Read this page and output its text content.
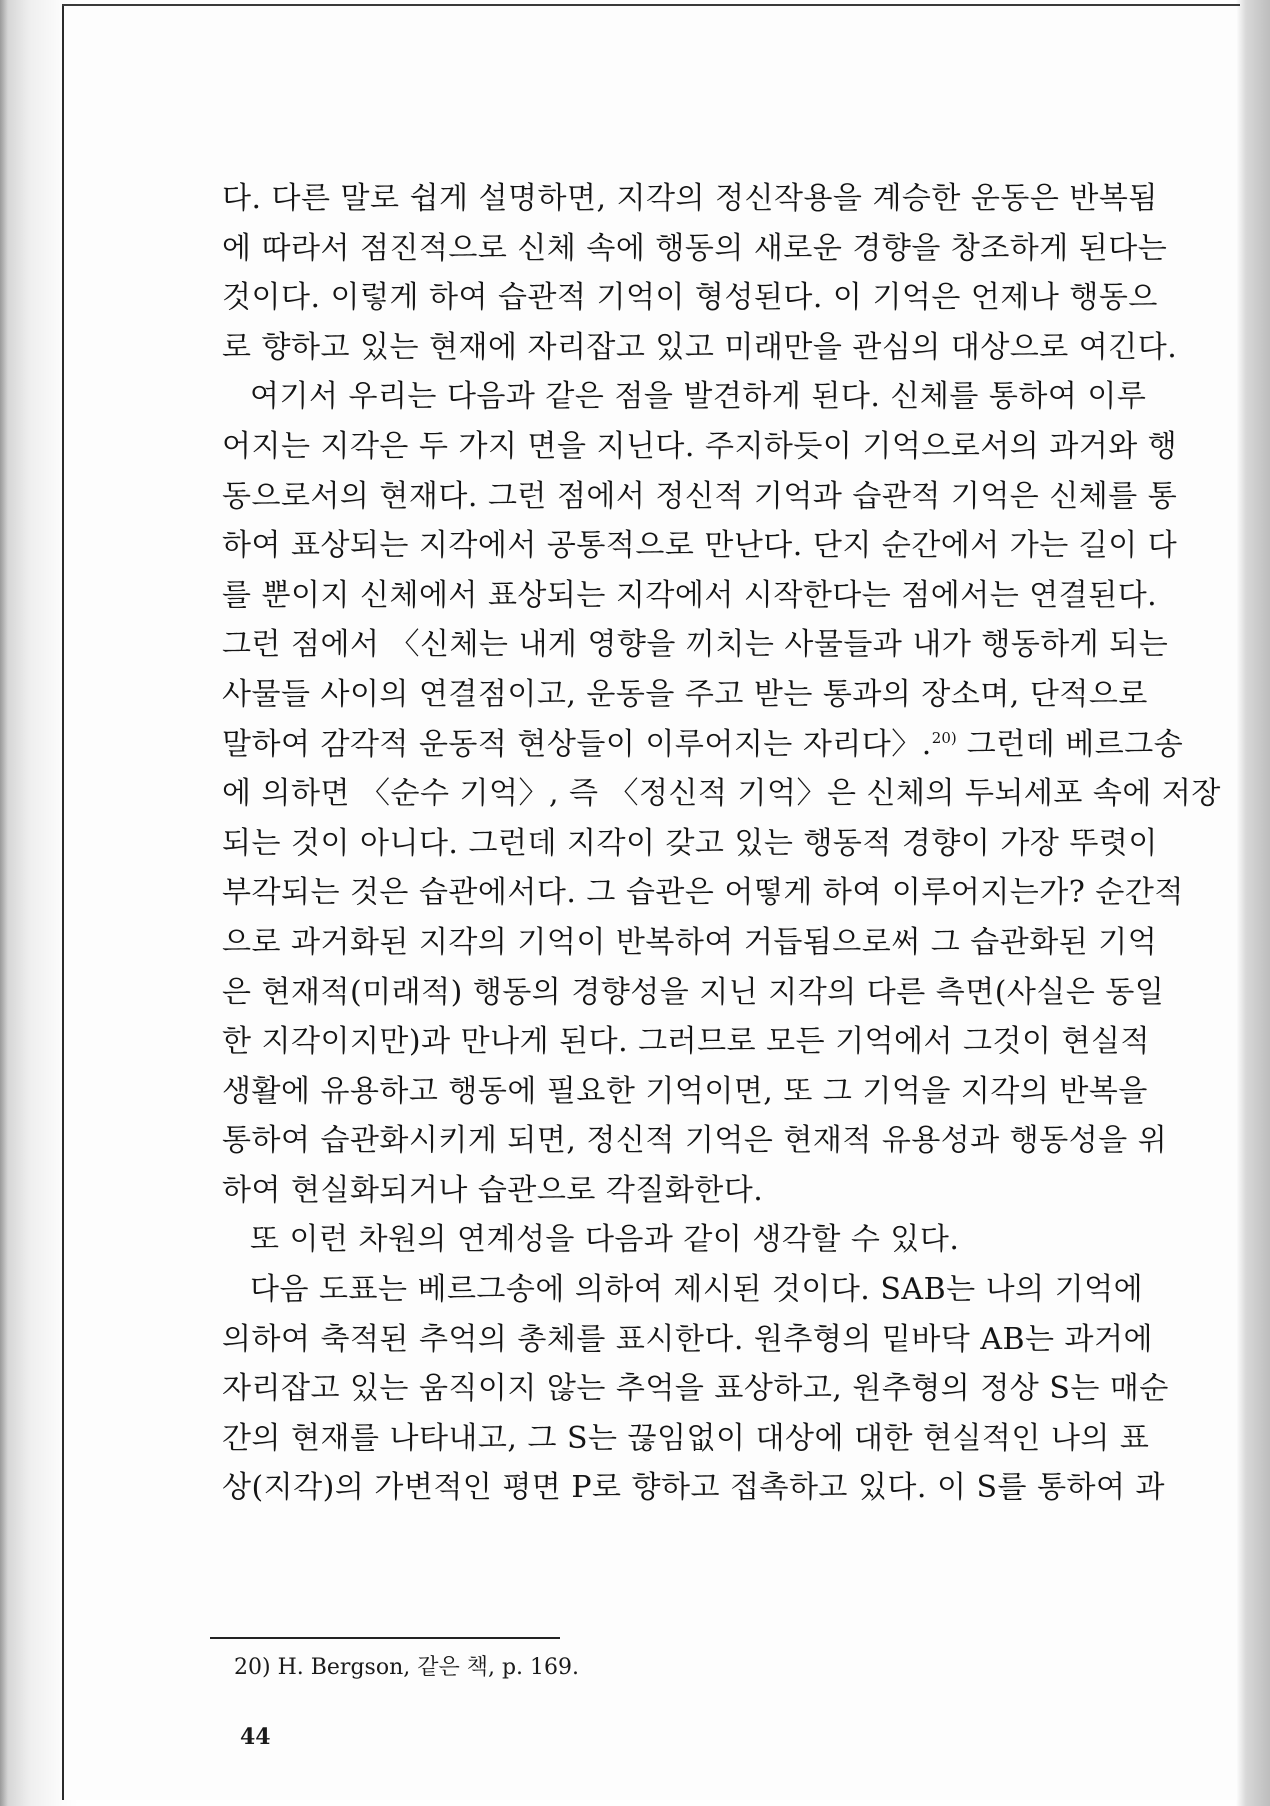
다. 다른 말로 쉽게 설명하면, 지각의 정신작용을 계승한 운동은 반복됨
에 따라서 점진적으로 신체 속에 행동의 새로운 경향을 창조하게 된다는
것이다. 이렇게 하여 습관적 기억이 형성된다. 이 기억은 언제나 행동으
로 향하고 있는 현재에 자리잡고 있고 미래만을 관심의 대상으로 여긴다.
여기서 우리는 다음과 같은 점을 발견하게 된다. 신체를 통하여 이루
어지는 지각은 두 가지 면을 지닌다. 주지하듯이 기억으로서의 과거와 행
동으로서의 현재다. 그런 점에서 정신적 기억과 습관적 기억은 신체를 통
하여 표상되는 지각에서 공통적으로 만난다. 단지 순간에서 가는 길이 다
를 뿐이지 신체에서 표상되는 지각에서 시작한다는 점에서는 연결된다.
그런 점에서 〈신체는 내게 영향을 끼치는 사물들과 내가 행동하게 되는
사물들 사이의 연결점이고, 운동을 주고 받는 통과의 장소며, 단적으로
말하여 감각적 운동적 현상들이 이루어지는 자리다〉.$^{20)}$ 그런데 베르그송
에 의하면 〈순수 기억〉, 즉 〈정신적 기억〉은 신체의 두뇌세포 속에 저장
되는 것이 아니다. 그런데 지각이 갖고 있는 행동적 경향이 가장 뚜렷이
부각되는 것은 습관에서다. 그 습관은 어떻게 하여 이루어지는가? 순간적
으로 과거화된 지각의 기억이 반복하여 거듭됨으로써 그 습관화된 기억
은 현재적(미래적) 행동의 경향성을 지닌 지각의 다른 측면(사실은 동일
한 지각이지만)과 만나게 된다. 그러므로 모든 기억에서 그것이 현실적
생활에 유용하고 행동에 필요한 기억이면, 또 그 기억을 지각의 반복을
통하여 습관화시키게 되면, 정신적 기억은 현재적 유용성과 행동성을 위
하여 현실화되거나 습관으로 각질화한다.
또 이런 차원의 연계성을 다음과 같이 생각할 수 있다.
다음 도표는 베르그송에 의하여 제시된 것이다. SAB는 나의 기억에
의하여 축적된 추억의 총체를 표시한다. 원추형의 밑바닥 AB는 과거에
자리잡고 있는 움직이지 않는 추억을 표상하고, 원추형의 정상 S는 매순
간의 현재를 나타내고, 그 S는 끊임없이 대상에 대한 현실적인 나의 표
상(지각)의 가변적인 평면 P로 향하고 접촉하고 있다. 이 S를 통하여 과
20) H. Bergson, 같은 책, p. 169.
44
